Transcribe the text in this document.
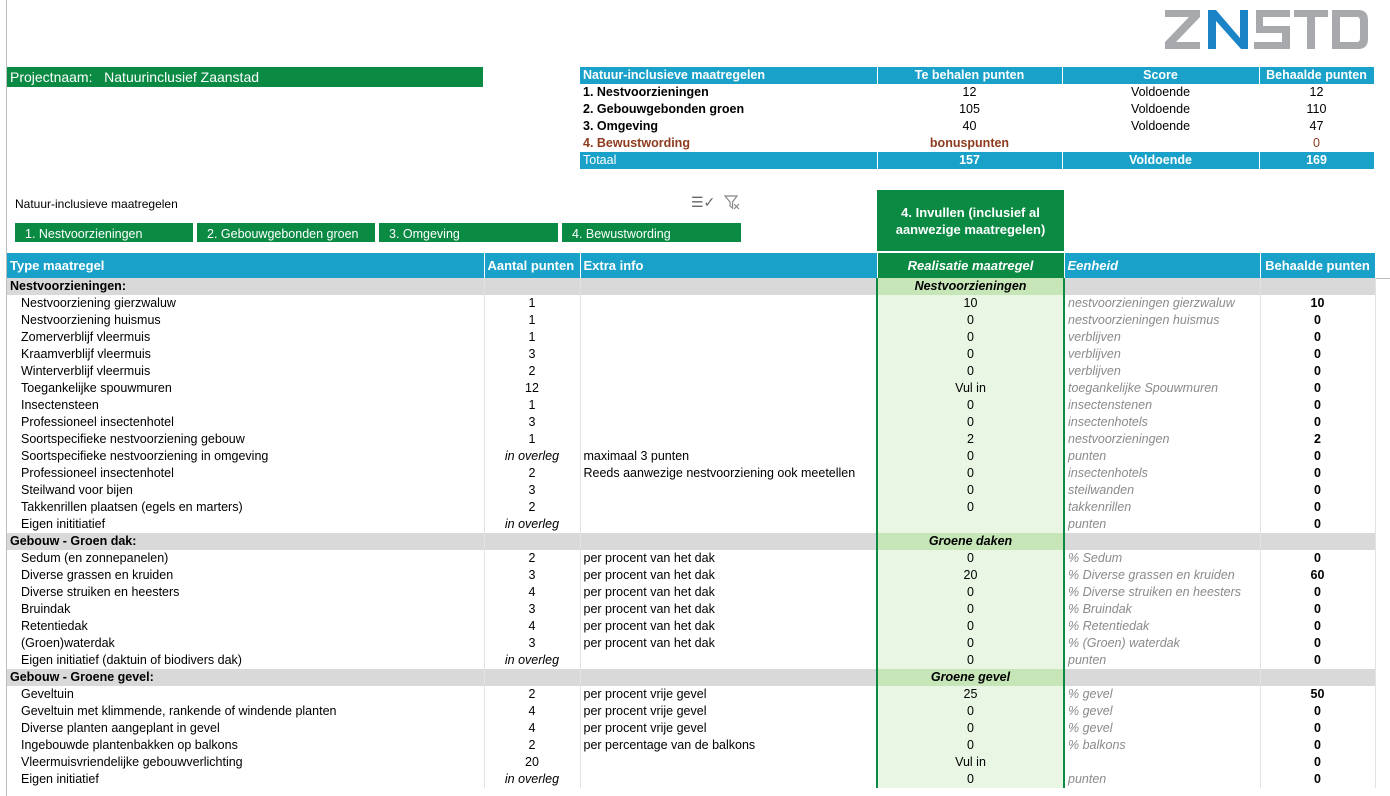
Projectnaam: Natuurinclusief Zaanstad	Natuur-inclusieve maatregelen	Te behalen punten	Score	Behaalde punten
1. Nestvoorzieningen	12	Voldoende	12
2. Gebouwgebonden groen	105	Voldoende	110
3. Omgeving	40	Voldoende	47
4. Bewustwording	bonuspunten		0
Totaal	157	Voldoende	169
Natuur-inclusieve maatregelen	☰✓
1. Nestvoorzieningen	2. Gebouwgebonden groen	3. Omgeving	4. Bewustwording
4. Invullen (inclusief al aanwezige maatregelen)
Type maatregel	Aantal punten	Extra info	Realisatie maatregel	Eenheid	Behaalde punten
Nestvoorzieningen:			Nestvoorzieningen		
Nestvoorziening gierzwaluw	1		10	nestvoorzieningen gierzwaluw	10
Nestvoorziening huismus	1		0	nestvoorzieningen huismus	0
Zomerverblijf vleermuis	1		0	verblijven	0
Kraamverblijf vleermuis	3		0	verblijven	0
Winterverblijf vleermuis	2		0	verblijven	0
Toegankelijke spouwmuren	12		Vul in	toegankelijke Spouwmuren	0
Insectensteen	1		0	insectenstenen	0
Professioneel insectenhotel	3		0	insectenhotels	0
Soortspecifieke nestvoorziening gebouw	1		2	nestvoorzieningen	2
Soortspecifieke nestvoorziening in omgeving	in overleg	maximaal 3 punten	0	punten	0
Professioneel insectenhotel	2	Reeds aanwezige nestvoorziening ook meetellen	0	insectenhotels	0
Steilwand voor bijen	3		0	steilwanden	0
Takkenrillen plaatsen (egels en marters)	2		0	takkenrillen	0
Eigen inititiatief	in overleg			punten	0
Gebouw - Groen dak:			Groene daken		
Sedum (en zonnepanelen)	2	per procent van het dak	0	% Sedum	0
Diverse grassen en kruiden	3	per procent van het dak	20	% Diverse grassen en kruiden	60
Diverse struiken en heesters	4	per procent van het dak	0	% Diverse struiken en heesters	0
Bruindak	3	per procent van het dak	0	% Bruindak	0
Retentiedak	4	per procent van het dak	0	% Retentiedak	0
(Groen)waterdak	3	per procent van het dak	0	% (Groen) waterdak	0
Eigen initiatief (daktuin of biodivers dak)	in overleg		0	punten	0
Gebouw - Groene gevel:			Groene gevel		
Geveltuin	2	per procent vrije gevel	25	% gevel	50
Geveltuin met klimmende, rankende of windende planten	4	per procent vrije gevel	0	% gevel	0
Diverse planten aangeplant in gevel	4	per procent vrije gevel	0	% gevel	0
Ingebouwde plantenbakken op balkons	2	per percentage van de balkons	0	% balkons	0
Vleermuisvriendelijke gebouwverlichting	20		Vul in		0
Eigen initiatief	in overleg		0	punten	0
